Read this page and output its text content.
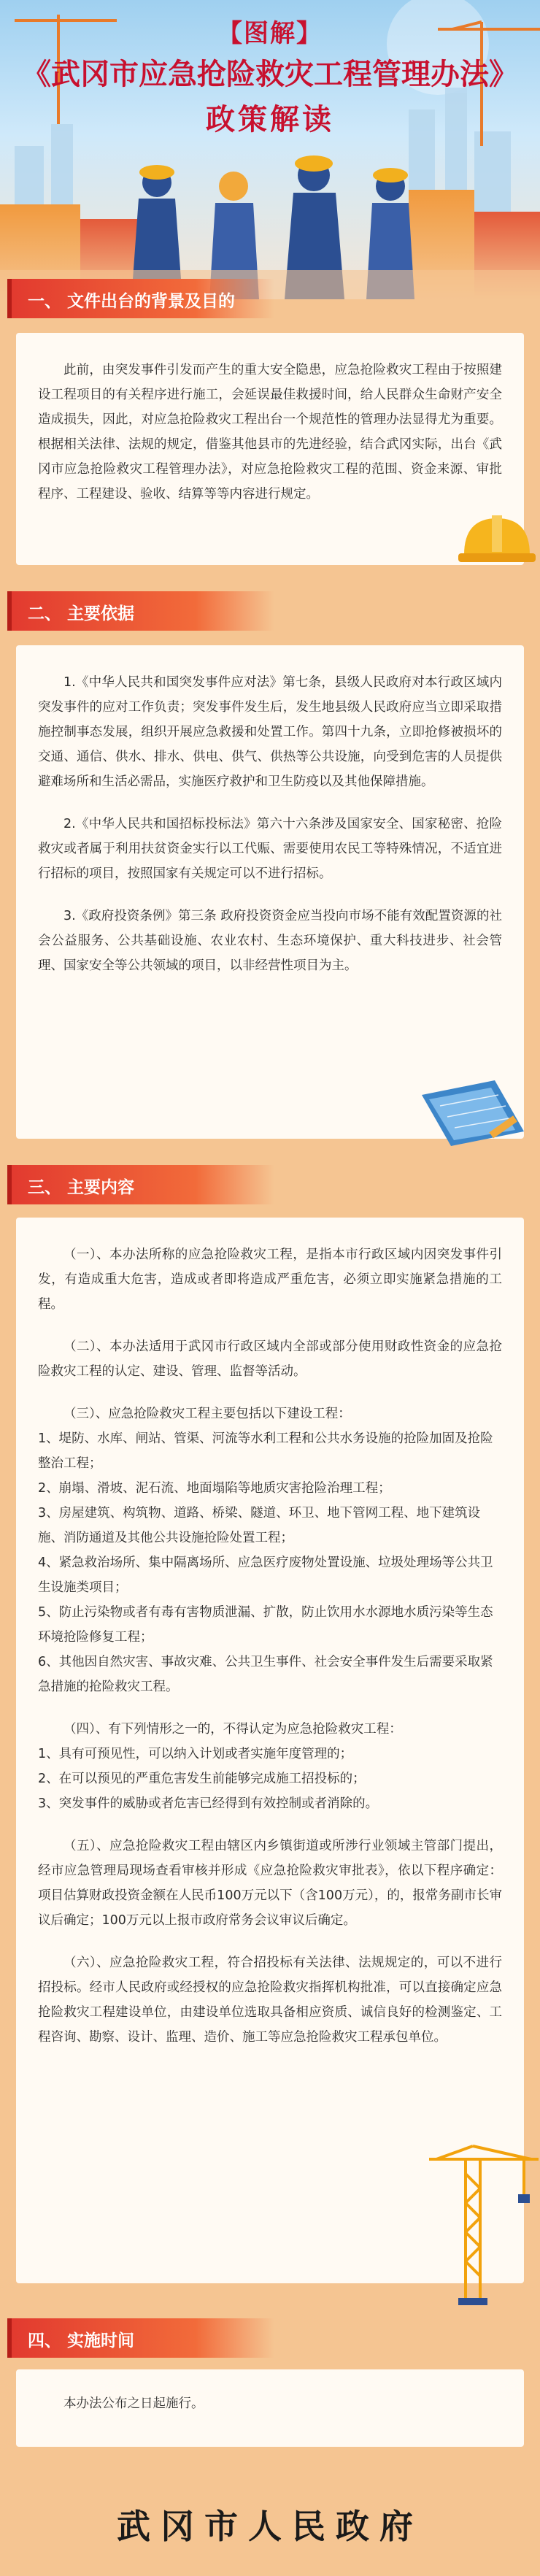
【图解】
《武冈市应急抢险救灾工程管理办法》
政策解读
一、 文件出台的背景及目的

此前，由突发事件引发而产生的重大安全隐患，应急抢险救灾工程由于按照建设工程项目的有关程序进行施工，会延误最佳救援时间，给人民群众生命财产安全造成损失，因此，对应急抢险救灾工程出台一个规范性的管理办法显得尤为重要。根据相关法律、法规的规定，借鉴其他县市的先进经验，结合武冈实际，出台《武冈市应急抢险救灾工程管理办法》，对应急抢险救灾工程的范围、资金来源、审批程序、工程建设、验收、结算等等内容进行规定。

二、 主要依据

1.《中华人民共和国突发事件应对法》第七条，县级人民政府对本行政区域内突发事件的应对工作负责；突发事件发生后，发生地县级人民政府应当立即采取措施控制事态发展，组织开展应急救援和处置工作。第四十九条，立即抢修被损坏的交通、通信、供水、排水、供电、供气、供热等公共设施，向受到危害的人员提供避难场所和生活必需品，实施医疗救护和卫生防疫以及其他保障措施。

2.《中华人民共和国招标投标法》第六十六条涉及国家安全、国家秘密、抢险救灾或者属于利用扶贫资金实行以工代赈、需要使用农民工等特殊情况，不适宜进行招标的项目，按照国家有关规定可以不进行招标。

3.《政府投资条例》第三条 政府投资资金应当投向市场不能有效配置资源的社会公益服务、公共基础设施、农业农村、生态环境保护、重大科技进步、社会管理、国家安全等公共领域的项目，以非经营性项目为主。

三、 主要内容

（一）、本办法所称的应急抢险救灾工程，是指本市行政区域内因突发事件引发，有造成重大危害，造成或者即将造成严重危害，必须立即实施紧急措施的工程。

（二）、本办法适用于武冈市行政区域内全部或部分使用财政性资金的应急抢险救灾工程的认定、建设、管理、监督等活动。

（三）、应急抢险救灾工程主要包括以下建设工程：

1、堤防、水库、闸站、管渠、河流等水利工程和公共水务设施的抢险加固及抢险整治工程；
2、崩塌、滑坡、泥石流、地面塌陷等地质灾害抢险治理工程；
3、房屋建筑、构筑物、道路、桥梁、隧道、环卫、地下管网工程、地下建筑设施、消防通道及其他公共设施抢险处置工程；
4、紧急救治场所、集中隔离场所、应急医疗废物处置设施、垃圾处理场等公共卫生设施类项目；
5、防止污染物或者有毒有害物质泄漏、扩散，防止饮用水水源地水质污染等生态环境抢险修复工程；
6、其他因自然灾害、事故灾难、公共卫生事件、社会安全事件发生后需要采取紧急措施的抢险救灾工程。

（四）、有下列情形之一的，不得认定为应急抢险救灾工程：

1、具有可预见性，可以纳入计划或者实施年度管理的；
2、在可以预见的严重危害发生前能够完成施工招投标的；
3、突发事件的威胁或者危害已经得到有效控制或者消除的。

（五）、应急抢险救灾工程由辖区内乡镇街道或所涉行业领域主管部门提出，经市应急管理局现场查看审核并形成《应急抢险救灾审批表》，依以下程序确定：项目估算财政投资金额在人民币100万元以下（含100万元），的，报常务副市长审议后确定；100万元以上报市政府常务会议审议后确定。

（六）、应急抢险救灾工程，符合招投标有关法律、法规规定的，可以不进行招投标。经市人民政府或经授权的应急抢险救灾指挥机构批准，可以直接确定应急抢险救灾工程建设单位，由建设单位选取具备相应资质、诚信良好的检测鉴定、工程咨询、勘察、设计、监理、造价、施工等应急抢险救灾工程承包单位。

四、 实施时间

本办法公布之日起施行。

武冈市人民政府
